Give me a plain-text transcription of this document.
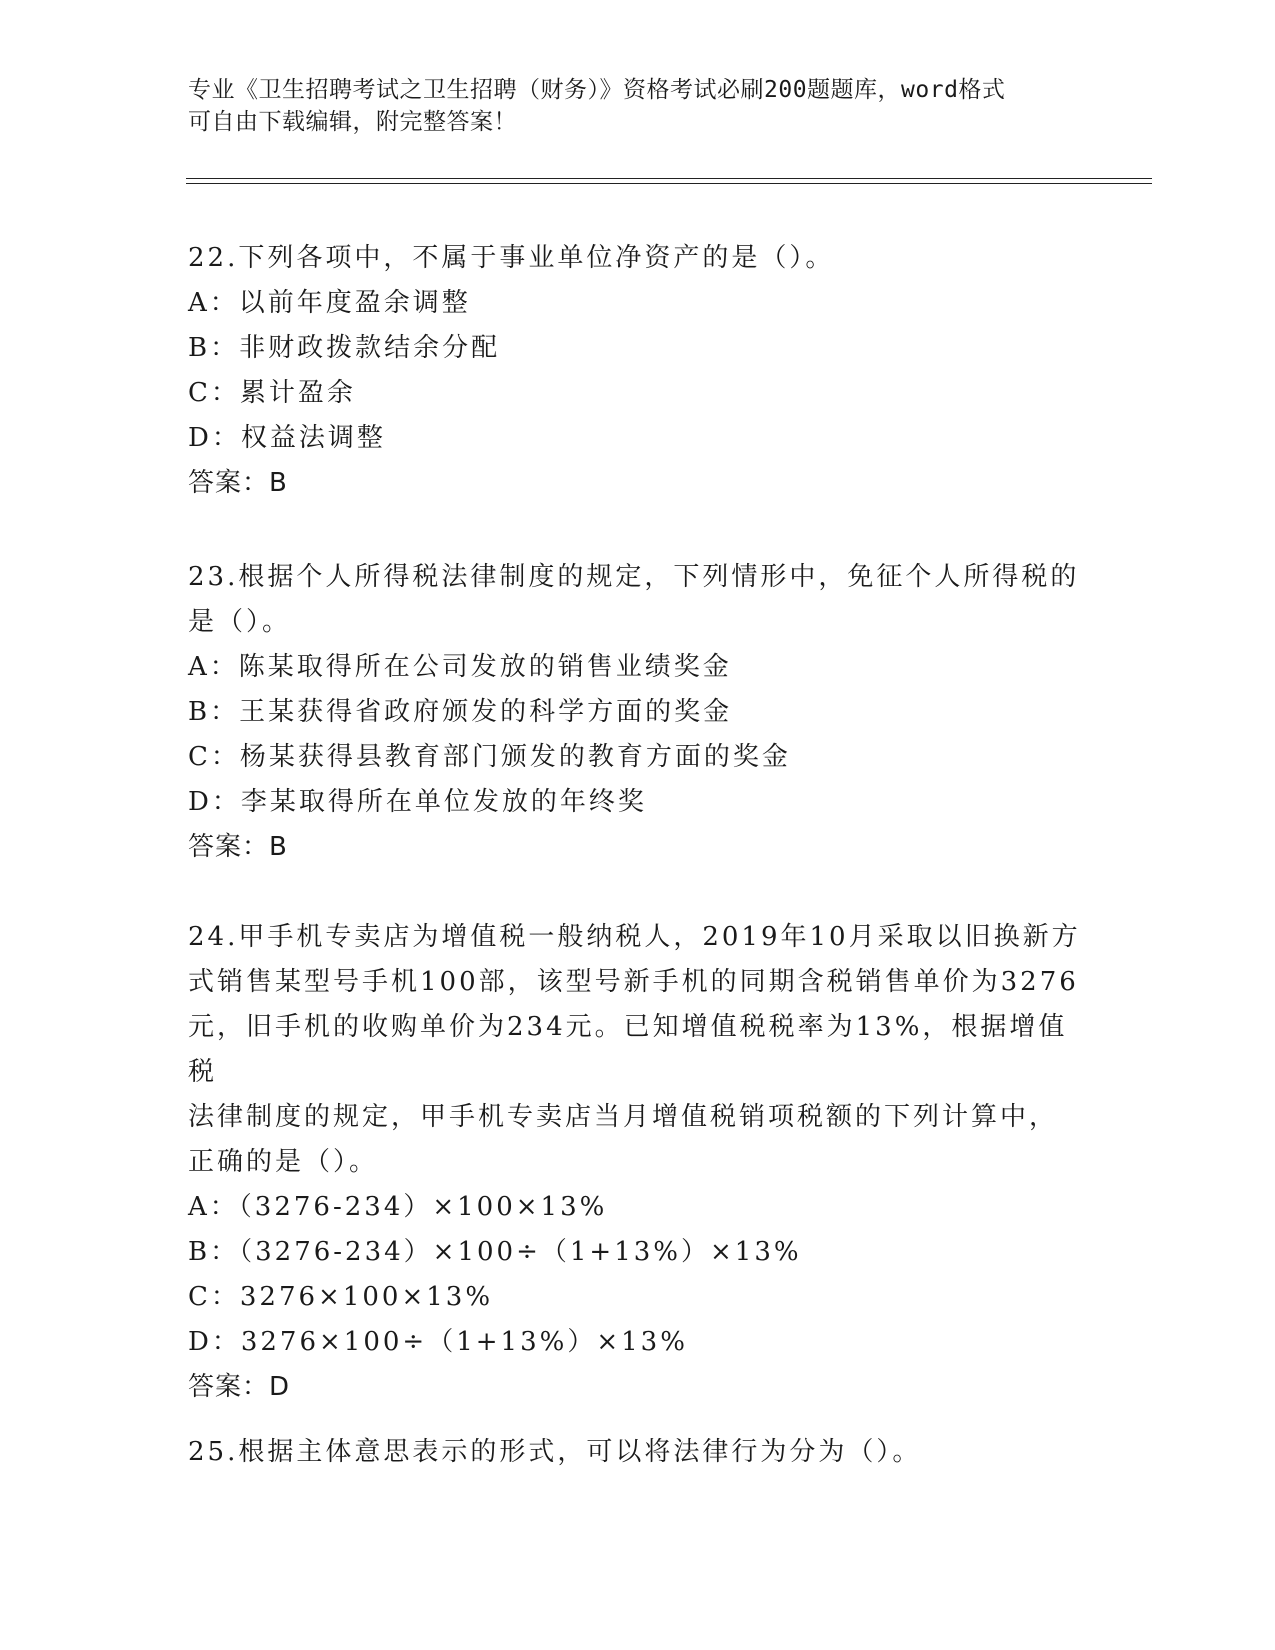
专业《卫生招聘考试之卫生招聘（财务）》资格考试必刷200题题库，word格式
可自由下载编辑，附完整答案！
22.下列各项中，不属于事业单位净资产的是（）。
A：以前年度盈余调整
B：非财政拨款结余分配
C：累计盈余
D：权益法调整
答案：B
23.根据个人所得税法律制度的规定，下列情形中，免征个人所得税的
是（）。
A：陈某取得所在公司发放的销售业绩奖金
B：王某获得省政府颁发的科学方面的奖金
C：杨某获得县教育部门颁发的教育方面的奖金
D：李某取得所在单位发放的年终奖
答案：B
24.甲手机专卖店为增值税一般纳税人，2019年10月采取以旧换新方
式销售某型号手机100部，该型号新手机的同期含税销售单价为3276
元，旧手机的收购单价为234元。已知增值税税率为13%，根据增值税
法律制度的规定，甲手机专卖店当月增值税销项税额的下列计算中，
正确的是（）。
A：（3276-234）×100×13%
B：（3276-234）×100÷（1+13%）×13%
C：3276×100×13%
D：3276×100÷（1+13%）×13%
答案：D
25.根据主体意思表示的形式，可以将法律行为分为（）。
